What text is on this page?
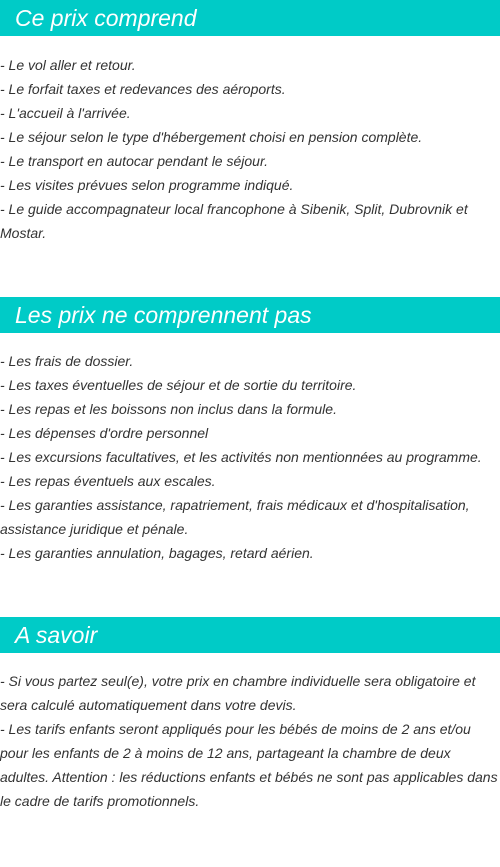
Ce prix comprend
- Le vol aller et retour.
- Le forfait taxes et redevances des aéroports.
- L'accueil à l'arrivée.
- Le séjour selon le type d'hébergement choisi en pension complète.
- Le transport en autocar pendant le séjour.
- Les visites prévues selon programme indiqué.
- Le guide accompagnateur local francophone à Sibenik, Split, Dubrovnik et Mostar.
Les prix ne comprennent pas
- Les frais de dossier.
- Les taxes éventuelles de séjour et de sortie du territoire.
- Les repas et les boissons non inclus dans la formule.
- Les dépenses d'ordre personnel
- Les excursions facultatives, et les activités non mentionnées au programme.
- Les repas éventuels aux escales.
- Les garanties assistance, rapatriement, frais médicaux et d'hospitalisation, assistance juridique et pénale.
- Les garanties annulation, bagages, retard aérien.
A savoir
- Si vous partez seul(e), votre prix en chambre individuelle sera obligatoire et sera calculé automatiquement dans votre devis.
- Les tarifs enfants seront appliqués pour les bébés de moins de 2 ans et/ou pour les enfants de 2 à moins de 12 ans, partageant la chambre de deux adultes. Attention : les réductions enfants et bébés ne sont pas applicables dans le cadre de tarifs promotionnels.
